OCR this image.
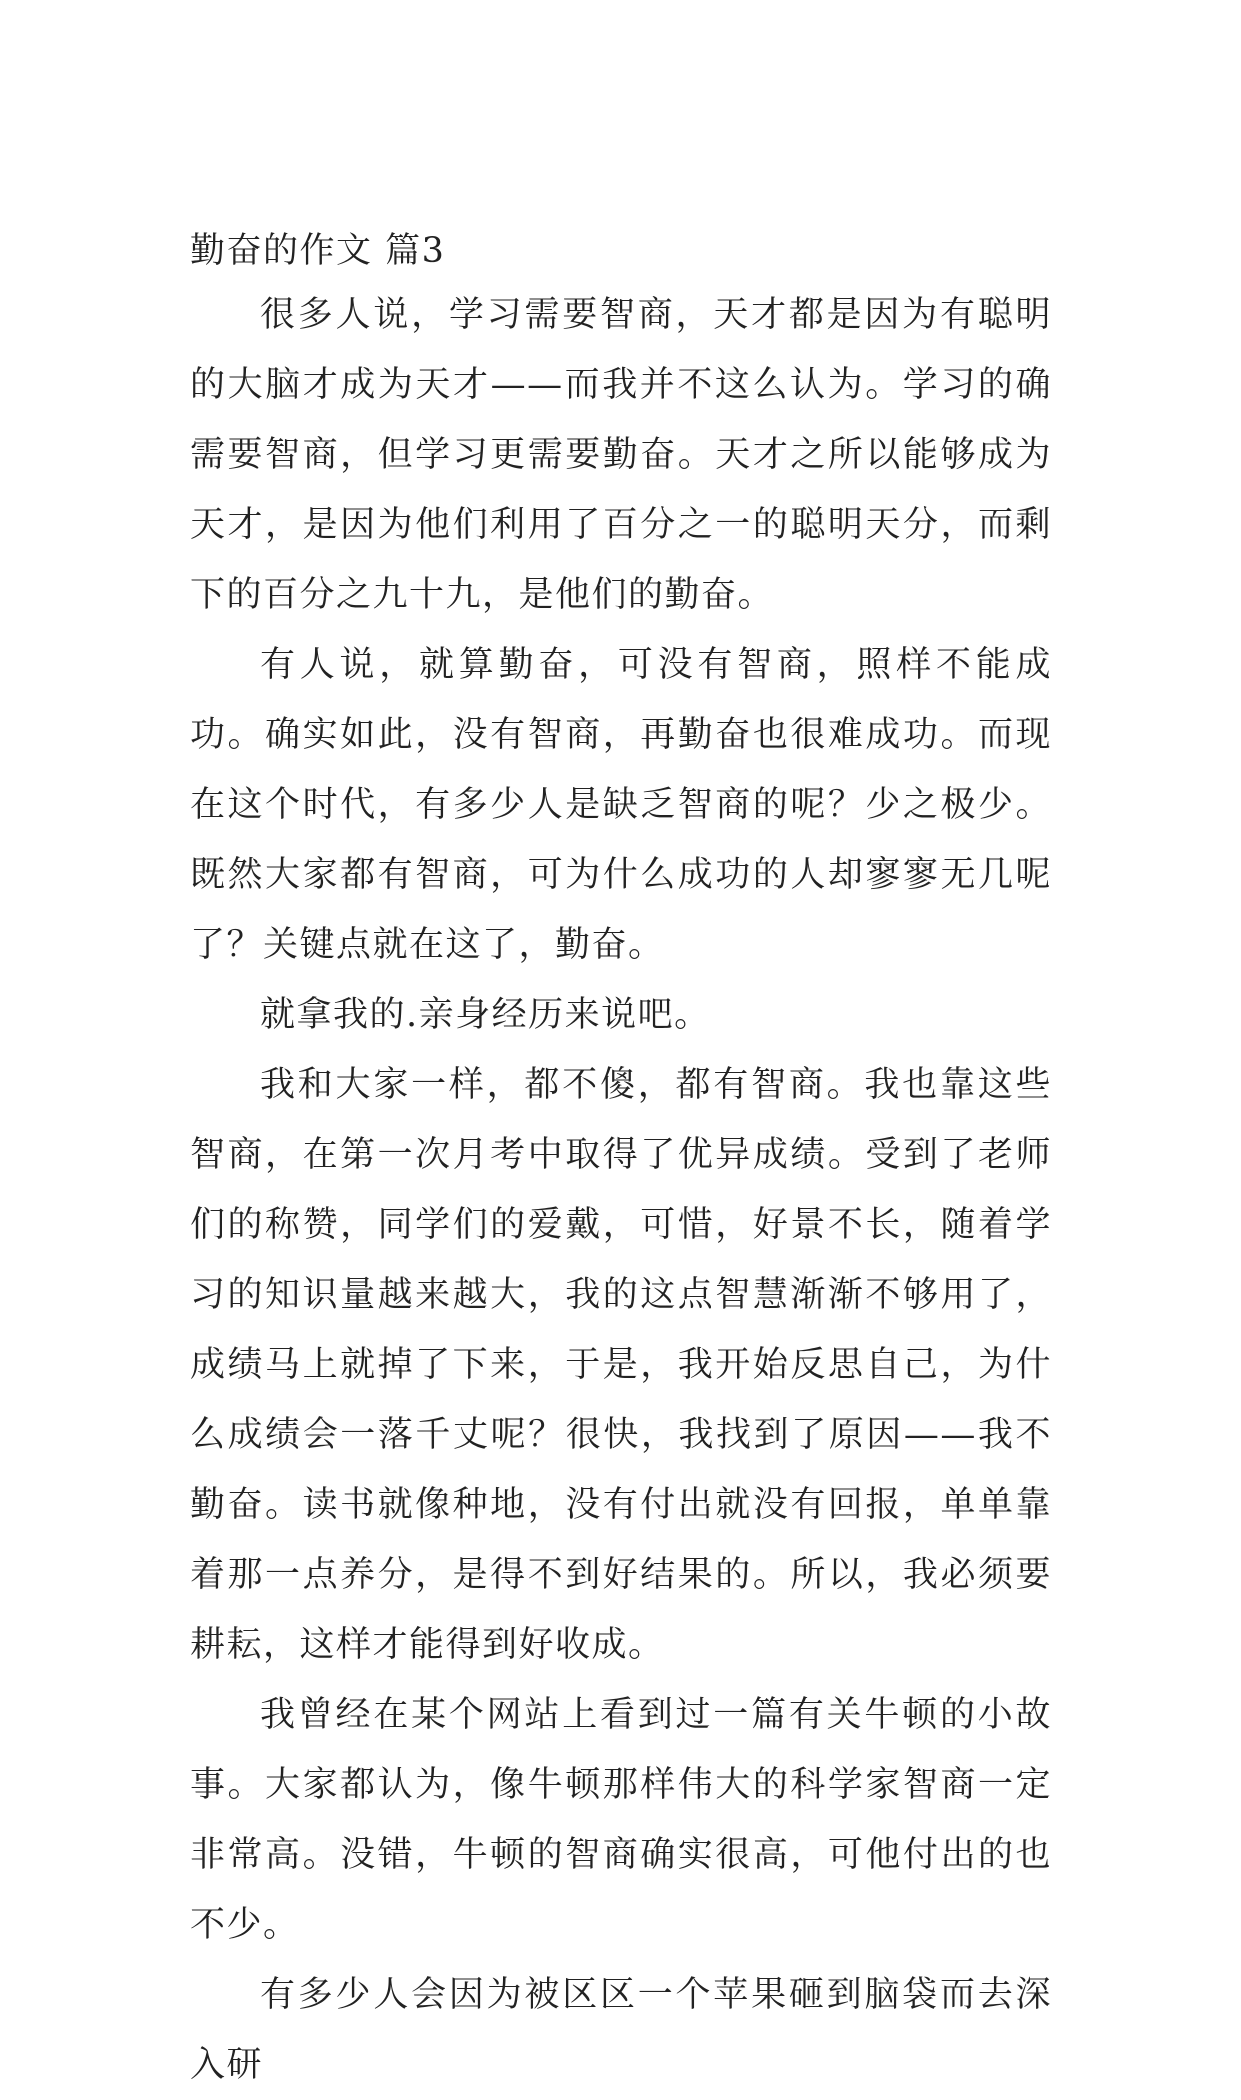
勤奋的作文 篇3

很多人说，学习需要智商，天才都是因为有聪明的大脑才成为天才——而我并不这么认为。学习的确需要智商，但学习更需要勤奋。天才之所以能够成为天才，是因为他们利用了百分之一的聪明天分，而剩下的百分之九十九，是他们的勤奋。

有人说，就算勤奋，可没有智商，照样不能成功。确实如此，没有智商，再勤奋也很难成功。而现在这个时代，有多少人是缺乏智商的呢？少之极少。既然大家都有智商，可为什么成功的人却寥寥无几呢了？关键点就在这了，勤奋。

就拿我的.亲身经历来说吧。

我和大家一样，都不傻，都有智商。我也靠这些智商，在第一次月考中取得了优异成绩。受到了老师们的称赞，同学们的爱戴，可惜，好景不长，随着学习的知识量越来越大，我的这点智慧渐渐不够用了，成绩马上就掉了下来，于是，我开始反思自己，为什么成绩会一落千丈呢？很快，我找到了原因——我不勤奋。读书就像种地，没有付出就没有回报，单单靠着那一点养分，是得不到好结果的。所以，我必须要耕耘，这样才能得到好收成。

我曾经在某个网站上看到过一篇有关牛顿的小故事。大家都认为，像牛顿那样伟大的科学家智商一定非常高。没错，牛顿的智商确实很高，可他付出的也不少。

有多少人会因为被区区一个苹果砸到脑袋而去深入研
